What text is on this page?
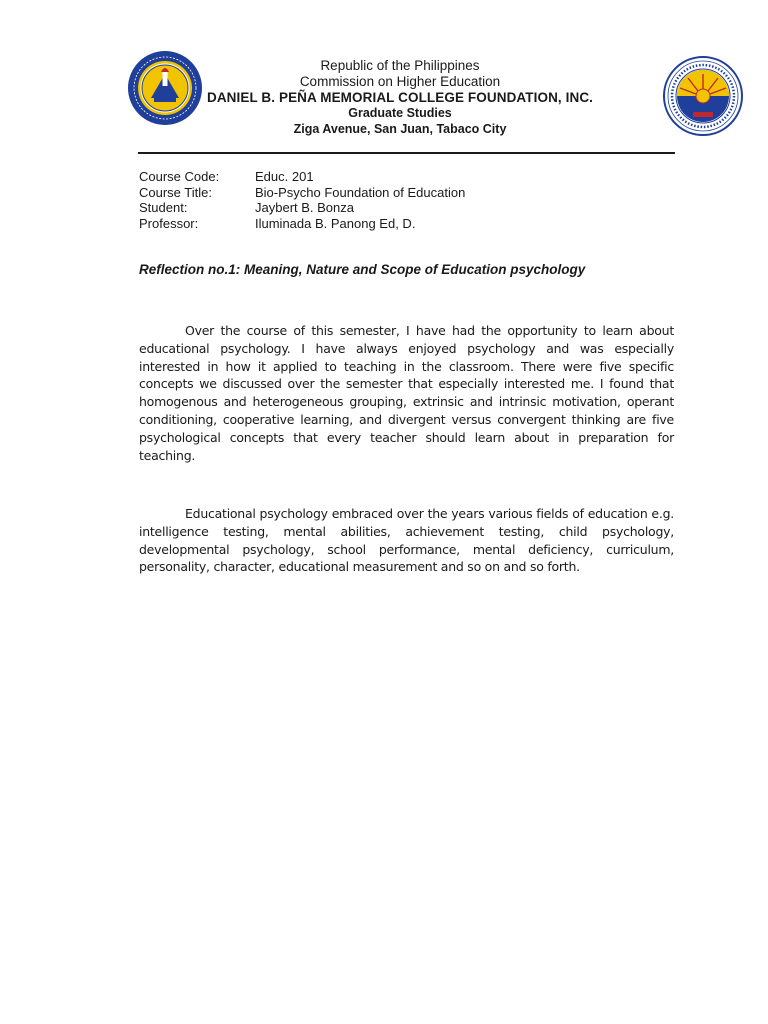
Republic of the Philippines
Commission on Higher Education
DANIEL B. PEÑA MEMORIAL COLLEGE FOUNDATION, INC.
Graduate Studies
Ziga Avenue, San Juan, Tabaco City
Course Code:	Educ. 201
Course Title:	Bio-Psycho Foundation of Education
Student:	Jaybert B. Bonza
Professor:	Iluminada B. Panong Ed, D.
Reflection no.1: Meaning, Nature and Scope of Education psychology

Over the course of this semester, I have had the opportunity to learn about educational psychology. I have always enjoyed psychology and was especially interested in how it applied to teaching in the classroom. There were five specific concepts we discussed over the semester that especially interested me. I found that homogenous and heterogeneous grouping, extrinsic and intrinsic motivation, operant conditioning, cooperative learning, and divergent versus convergent thinking are five psychological concepts that every teacher should learn about in preparation for teaching.

Educational psychology embraced over the years various fields of education e.g. intelligence testing, mental abilities, achievement testing, child psychology, developmental psychology, school performance, mental deficiency, curriculum, personality, character, educational measurement and so on and so forth.
